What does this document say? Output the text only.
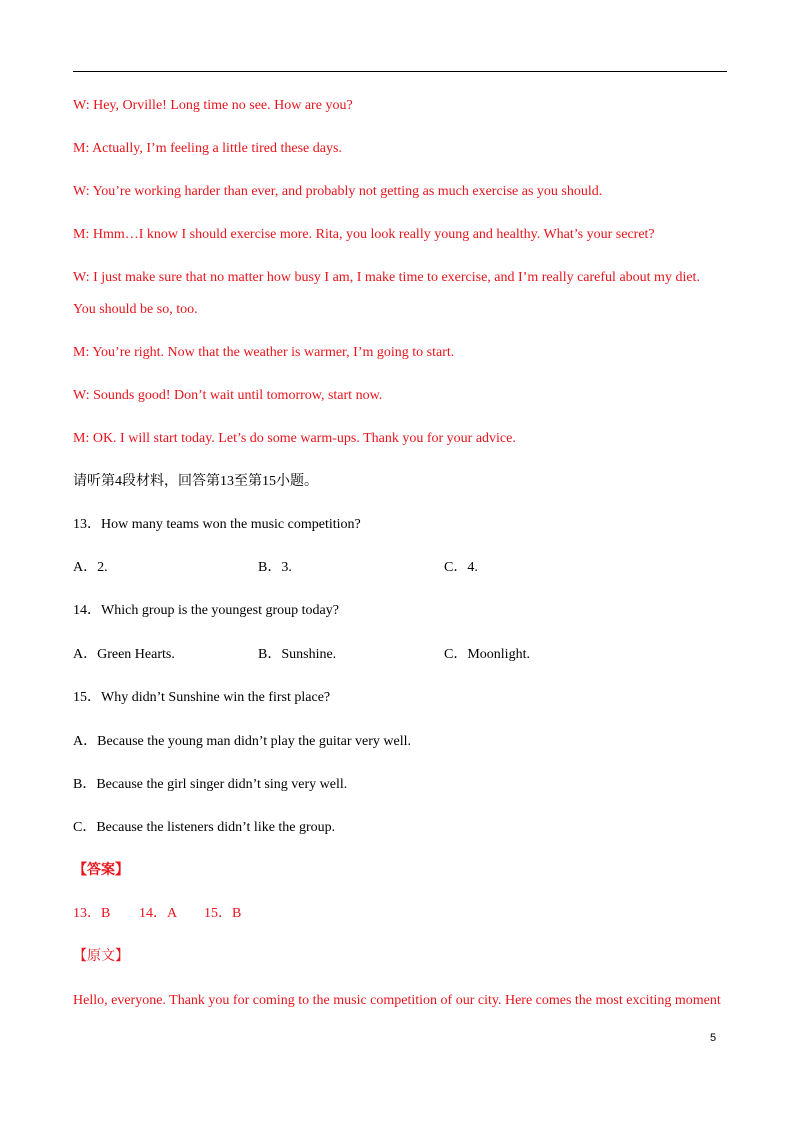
W: Hey, Orville! Long time no see. How are you?
M: Actually, I’m feeling a little tired these days.
W: You’re working harder than ever, and probably not getting as much exercise as you should.
M: Hmm…I know I should exercise more. Rita, you look really young and healthy. What’s your secret?
W: I just make sure that no matter how busy I am, I make time to exercise, and I’m really careful about my diet.
You should be so, too.
M: You’re right. Now that the weather is warmer, I’m going to start.
W: Sounds good! Don’t wait until tomorrow, start now.
M: OK. I will start today. Let’s do some warm-ups. Thank you for your advice.
请听第4段材料，回答第13至第15小题。
13．How many teams won the music competition?
A．2.	B．3.	C．4.
14．Which group is the youngest group today?
A．Green Hearts.	B．Sunshine.	C．Moonlight.
15．Why didn’t Sunshine win the first place?
A．Because the young man didn’t play the guitar very well.
B．Because the girl singer didn’t sing very well.
C．Because the listeners didn’t like the group.
【答案】
13．B 14．A 15．B
【原文】
Hello, everyone. Thank you for coming to the music competition of our city. Here comes the most exciting moment
5
